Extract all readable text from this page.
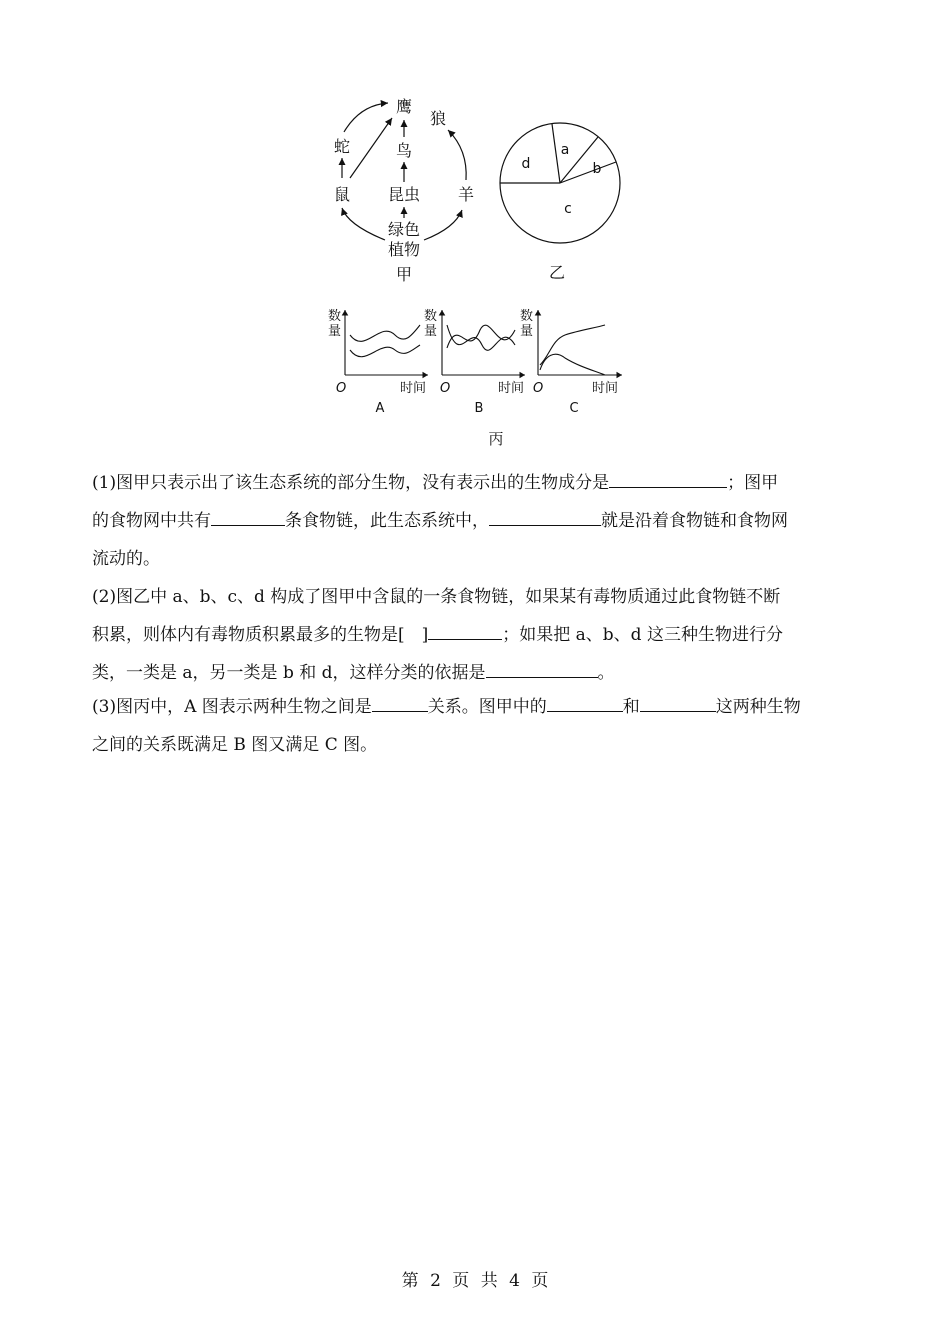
鹰
狼
蛇	鸟
鼠 昆虫 羊
绿色
植物
甲
a
b
c
d
乙
数
量
O	时间
A
数
量
O	时间
B
数
量
O	时间
C
丙
(1)图甲只表示出了该生态系统的部分生物，没有表示出的生物成分是	；图甲
的食物网中共有	条食物链，此生态系统中，	就是沿着食物链和食物网
流动的。
(2)图乙中 a、b、c、d 构成了图甲中含鼠的一条食物链，如果某有毒物质通过此食物链不断
积累，则体内有毒物质积累最多的生物是[　]	；如果把 a、b、d 这三种生物进行分
类，一类是 a，另一类是 b 和 d，这样分类的依据是	。
(3)图丙中，A 图表示两种生物之间是	关系。图甲中的	和	这两种生物
之间的关系既满足 B 图又满足 C 图。
第 2 页 共 4 页
